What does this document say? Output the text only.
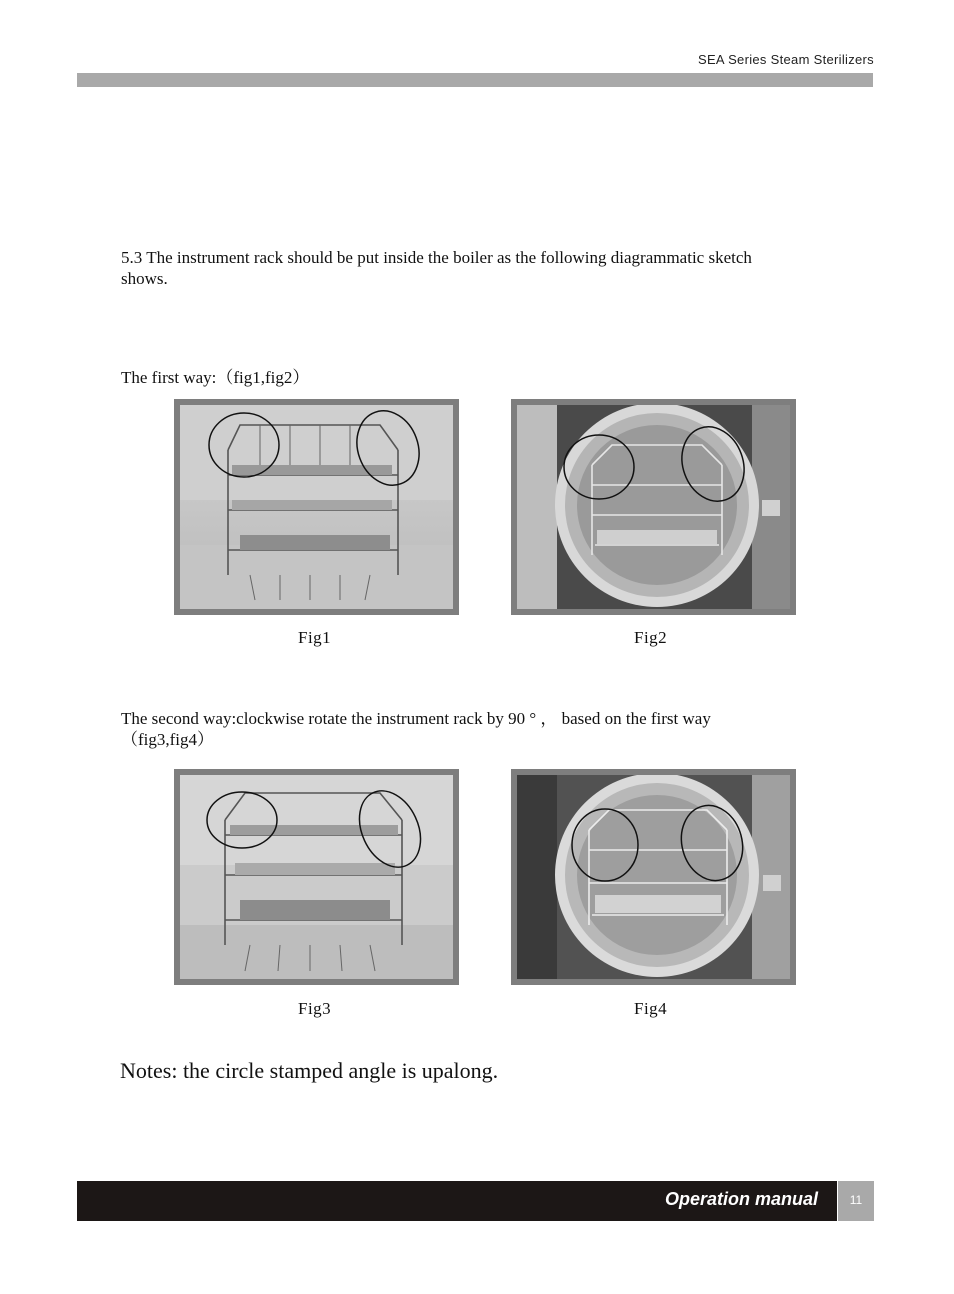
SEA Series Steam Sterilizers
5.3 The instrument rack should be put inside the boiler as the following diagrammatic sketch shows.
The first way:（fig1,fig2）
Fig1	Fig2
The second way:clockwise rotate the instrument rack by 90 ° ， based on the first way（fig3,fig4）
Fig3	Fig4
Notes: the circle stamped angle is upalong.
Operation manual	11
